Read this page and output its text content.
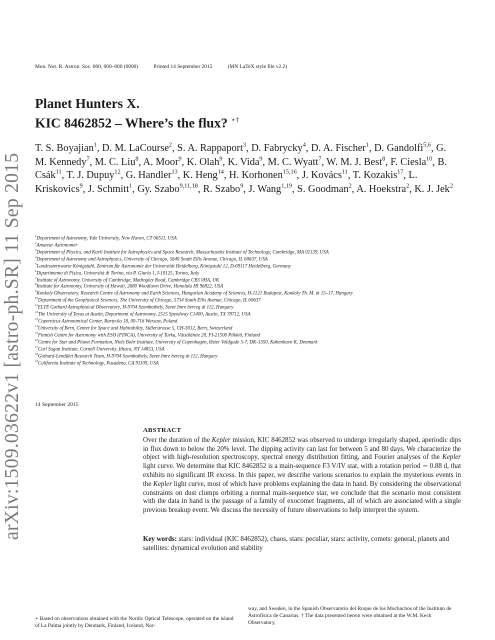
Mon. Not. R. Astron. Soc. 000, 000–000 (0000)	Printed 14 September 2015	(MN LaTeX style file v2.2)
arXiv:1509.03622v1 [astro-ph.SR] 11 Sep 2015
Planet Hunters X.
KIC 8462852 – Where’s the flux? ⋆†
T. S. Boyajian$^1$, D. M. LaCourse$^2$, S. A. Rappaport$^3$, D. Fabrycky$^4$, D. A. Fischer$^1$, D. Gandolfi$^{5,6}$, G. M. Kennedy$^7$, M. C. Liu$^8$, A. Moor$^9$, K. Olah$^9$, K. Vida$^9$, M. C. Wyatt$^7$, W. M. J. Best$^8$, F. Ciesla$^{10}$, B. Csák$^{11}$, T. J. Dupuy$^{12}$, G. Handler$^{13}$, K. Heng$^{14}$, H. Korhonen$^{15,16}$, J. Kovács$^{11}$, T. Kozakis$^{17}$, L. Kriskovics$^9$, J. Schmitt$^1$, Gy. Szabo$^{9,11,18}$, R. Szabo$^9$, J. Wang$^{1,19}$, S. Goodman$^2$, A. Hoekstra$^2$, K. J. Jek$^2$
$^1$Department of Astronomy, Yale University, New Haven, CT 06511, USA
$^2$Amateur Astronomer
$^3$Department of Physics, and Kavli Institute for Astrophysics and Space Research, Massachusetts Institute of Technology, Cambridge, MA 02139, USA
$^4$Department of Astronomy and Astrophysics, University of Chicago, 5640 South Ellis Avenue, Chicago, IL 60637, USA
$^5$Landessternwarte Königstuhl, Zentrum für Astronomie der Universität Heidelberg, Königstuhl 12, D-69117 Heidelberg, Germany
$^6$Dipartimento di Fisica, Università di Torino, via P. Giuria 1, I-10125, Torino, Italy
$^7$Institute of Astronomy, University of Cambridge, Madingley Road, Cambridge CB3 0HA, UK
$^8$Institute for Astronomy, University of Hawaii, 2680 Woodlawn Drive, Honolulu HI 96822, USA
$^9$Konkoly Observatory, Research Centre of Astronomy and Earth Sciences, Hungarian Academy of Sciences, H-1121 Budapest, Konkoly Th. M. út 15–17, Hungary
$^{10}$Department of the Geophysical Sciences, The University of Chicago, 5734 South Ellis Avenue, Chicago, IL 60637
$^{11}$ELTE Gothard Astrophysical Observatory, H-9704 Szombathely, Szent Imre herceg út 112, Hungary
$^{12}$The University of Texas at Austin, Department of Astronomy, 2515 Speedway C1400, Austin, TX 78712, USA
$^{13}$Copernicus Astronomical Center, Bartycka 18, 00-716 Warsaw, Poland
$^{14}$University of Bern, Center for Space and Habitability, Sidlerstrasse 5, CH-3012, Bern, Switzerland
$^{15}$Finnish Centre for Astronomy with ESO (FINCA), University of Turku, Väisäläntie 20, FI-21500 Piikkiö, Finland
$^{16}$Centre for Star and Planet Formation, Niels Bohr Institute, University of Copenhagen, Øster Voldgade 5-7, DK-1350, København K, Denmark
$^{17}$Carl Sagan Institute, Cornell University, Ithaca, NY 14853, USA
$^{18}$Gothard-Lendület Research Team, H-9704 Szombathely, Szent Imre herceg út 112, Hungary
$^{19}$California Institute of Technology, Pasadena, CA 91109, USA
14 September 2015
ABSTRACT
Over the duration of the Kepler mission, KIC 8462852 was observed to undergo irregularly shaped, aperiodic dips in flux down to below the 20% level. The dipping activity can last for between 5 and 80 days. We characterize the object with high-resolution spectroscopy, spectral energy distribution fitting, and Fourier analyses of the Kepler light curve. We determine that KIC 8462852 is a main-sequence F3 V/IV star, with a rotation period ∼ 0.88 d, that exhibits no significant IR excess. In this paper, we describe various scenarios to explain the mysterious events in the Kepler light curve, most of which have problems explaining the data in hand. By considering the observational constraints on dust clumps orbiting a normal main-sequence star, we conclude that the scenario most consistent with the data in hand is the passage of a family of exocomet fragments, all of which are associated with a single previous breakup event. We discuss the necessity of future observations to help interpret the system.
Key words: stars: individual (KIC 8462852), chaos, stars: peculiar, stars: activity, comets: general, planets and satellites: dynamical evolution and stability
⋆ Based on observations obtained with the Nordic Optical Telescope, operated on the island of La Palma jointly by Denmark, Finland, Iceland, Nor-
way, and Sweden, in the Spanish Observatorio del Roque de los Muchachos of the Instituto de Astrofísica de Canarias. † The data presented herein were obtained at the W.M. Keck Observatory,
